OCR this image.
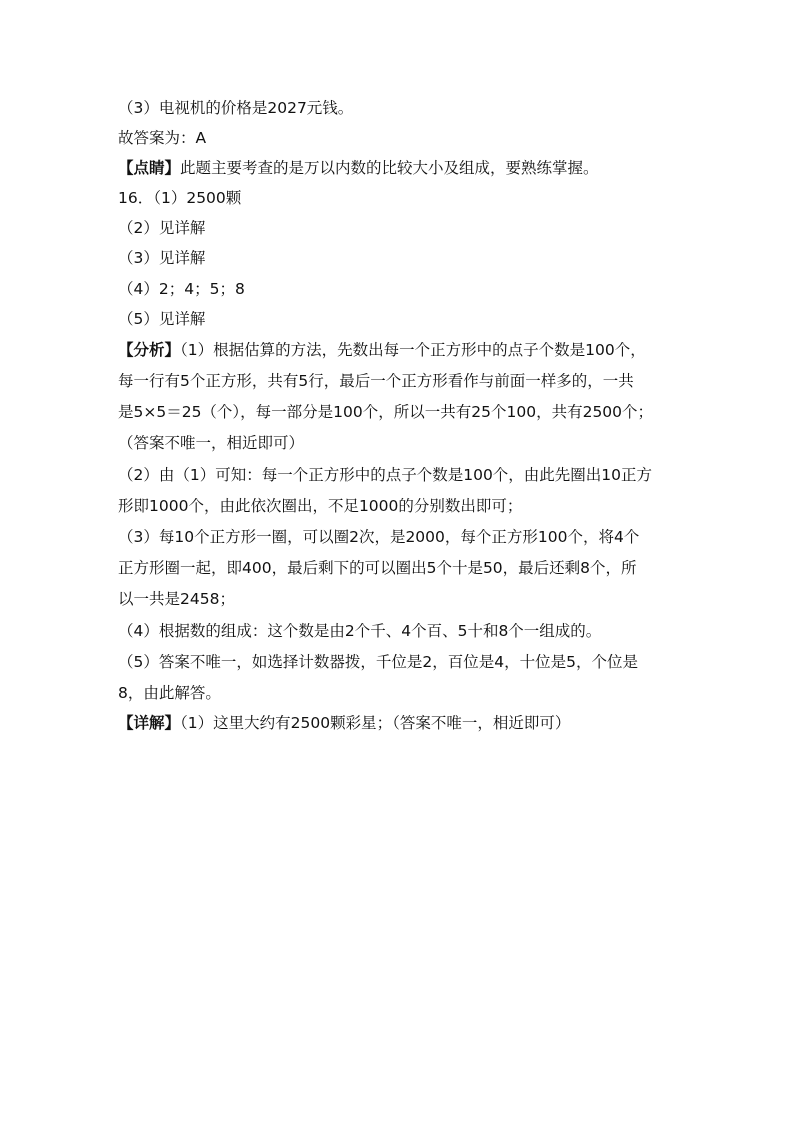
（3）电视机的价格是2027元钱。
故答案为：A
【点睛】此题主要考查的是万以内数的比较大小及组成，要熟练掌握。
16．（1）2500颗
（2）见详解
（3）见详解
（4）2；4；5；8
（5）见详解
【分析】（1）根据估算的方法，先数出每一个正方形中的点子个数是100个，
每一行有5个正方形，共有5行，最后一个正方形看作与前面一样多的，一共
是5×5＝25（个），每一部分是100个，所以一共有25个100，共有2500个；
（答案不唯一，相近即可）
（2）由（1）可知：每一个正方形中的点子个数是100个，由此先圈出10正方
形即1000个，由此依次圈出，不足1000的分别数出即可；
（3）每10个正方形一圈，可以圈2次，是2000，每个正方形100个，将4个
正方形圈一起，即400，最后剩下的可以圈出5个十是50，最后还剩8个，所
以一共是2458；
（4）根据数的组成：这个数是由2个千、4个百、5十和8个一组成的。
（5）答案不唯一，如选择计数器拨，千位是2，百位是4，十位是5，个位是
8，由此解答。
【详解】（1）这里大约有2500颗彩星；（答案不唯一，相近即可）
